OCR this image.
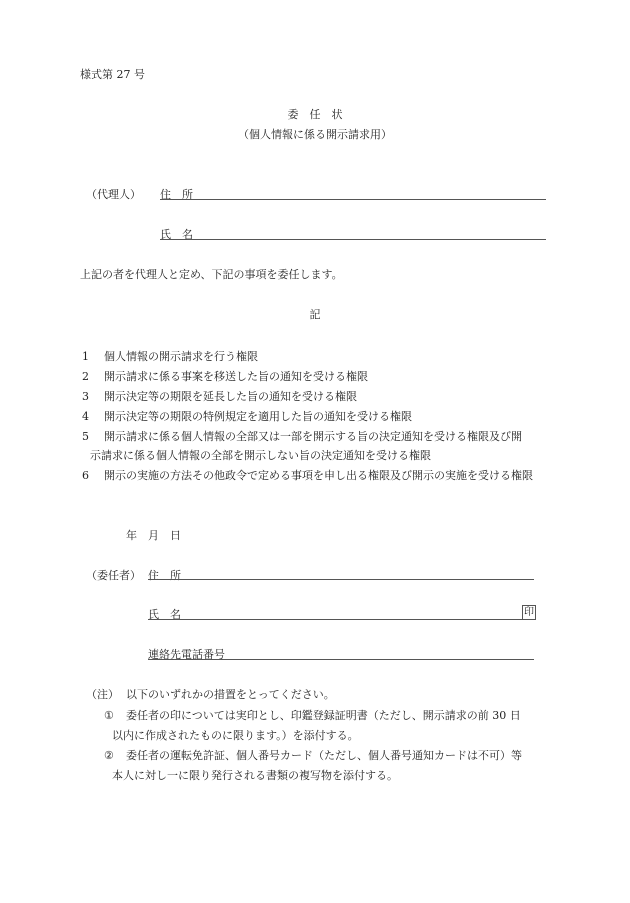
様式第 27 号
委　任　状
（個人情報に係る開示請求用）
（代理人） 住　所
氏　名
上記の者を代理人と定め、下記の事項を委任します。
記
1 個人情報の開示請求を行う権限
2 開示請求に係る事案を移送した旨の通知を受ける権限
3 開示決定等の期限を延長した旨の通知を受ける権限
4 開示決定等の期限の特例規定を適用した旨の通知を受ける権限
5 開示請求に係る個人情報の全部又は一部を開示する旨の決定通知を受ける権限及び開
示請求に係る個人情報の全部を開示しない旨の決定通知を受ける権限
6 開示の実施の方法その他政令で定める事項を申し出る権限及び開示の実施を受ける権限
年　月　日
（委任者） 住　所
氏　名	印
連絡先電話番号
（注） 以下のいずれかの措置をとってください。
① 委任者の印については実印とし、印鑑登録証明書（ただし、開示請求の前 30 日
以内に作成されたものに限ります。）を添付する。
② 委任者の運転免許証、個人番号カード（ただし、個人番号通知カードは不可）等
本人に対し一に限り発行される書類の複写物を添付する。
